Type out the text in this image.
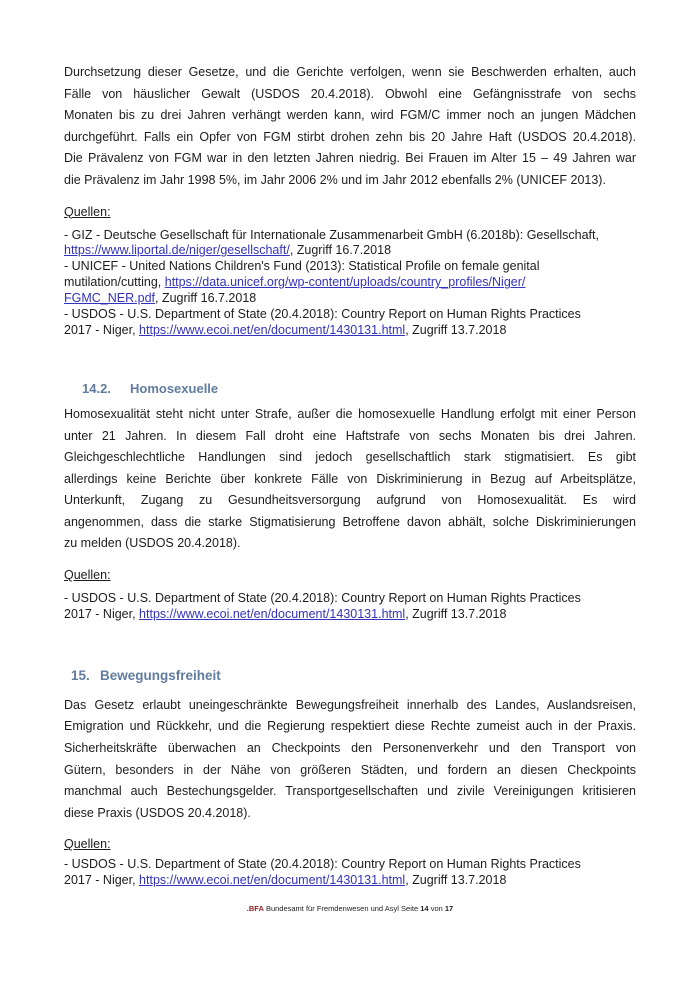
Durchsetzung dieser Gesetze, und die Gerichte verfolgen, wenn sie Beschwerden erhalten, auch
Fälle von häuslicher Gewalt (USDOS 20.4.2018). Obwohl eine Gefängnisstrafe von sechs
Monaten bis zu drei Jahren verhängt werden kann, wird FGM/C immer noch an jungen Mädchen
durchgeführt. Falls ein Opfer von FGM stirbt drohen zehn bis 20 Jahre Haft (USDOS 20.4.2018).
Die Prävalenz von FGM war in den letzten Jahren niedrig. Bei Frauen im Alter 15 – 49 Jahren war
die Prävalenz im Jahr 1998 5%, im Jahr 2006 2% und im Jahr 2012 ebenfalls 2% (UNICEF 2013).
Quellen:
- GIZ - Deutsche Gesellschaft für Internationale Zusammenarbeit GmbH (6.2018b): Gesellschaft,
https://www.liportal.de/niger/gesellschaft/, Zugriff 16.7.2018
- UNICEF - United Nations Children's Fund (2013): Statistical Profile on female genital
mutilation/cutting, https://data.unicef.org/wp-content/uploads/country_profiles/Niger/
FGMC_NER.pdf, Zugriff 16.7.2018
- USDOS - U.S. Department of State (20.4.2018): Country Report on Human Rights Practices
2017 - Niger, https://www.ecoi.net/en/document/1430131.html, Zugriff 13.7.2018
14.2. Homosexuelle
Homosexualität steht nicht unter Strafe, außer die homosexuelle Handlung erfolgt mit einer Person
unter 21 Jahren. In diesem Fall droht eine Haftstrafe von sechs Monaten bis drei Jahren.
Gleichgeschlechtliche Handlungen sind jedoch gesellschaftlich stark stigmatisiert. Es gibt
allerdings keine Berichte über konkrete Fälle von Diskriminierung in Bezug auf Arbeitsplätze,
Unterkunft, Zugang zu Gesundheitsversorgung aufgrund von Homosexualität. Es wird
angenommen, dass die starke Stigmatisierung Betroffene davon abhält, solche Diskriminierungen
zu melden (USDOS 20.4.2018).
Quellen:
- USDOS - U.S. Department of State (20.4.2018): Country Report on Human Rights Practices
2017 - Niger, https://www.ecoi.net/en/document/1430131.html, Zugriff 13.7.2018
15. Bewegungsfreiheit
Das Gesetz erlaubt uneingeschränkte Bewegungsfreiheit innerhalb des Landes, Auslandsreisen,
Emigration und Rückkehr, und die Regierung respektiert diese Rechte zumeist auch in der Praxis.
Sicherheitskräfte überwachen an Checkpoints den Personenverkehr und den Transport von
Gütern, besonders in der Nähe von größeren Städten, und fordern an diesen Checkpoints
manchmal auch Bestechungsgelder. Transportgesellschaften und zivile Vereinigungen kritisieren
diese Praxis (USDOS 20.4.2018).
Quellen:
- USDOS - U.S. Department of State (20.4.2018): Country Report on Human Rights Practices
2017 - Niger, https://www.ecoi.net/en/document/1430131.html, Zugriff 13.7.2018
.BFA Bundesamt für Fremdenwesen und Asyl Seite 14 von 17
